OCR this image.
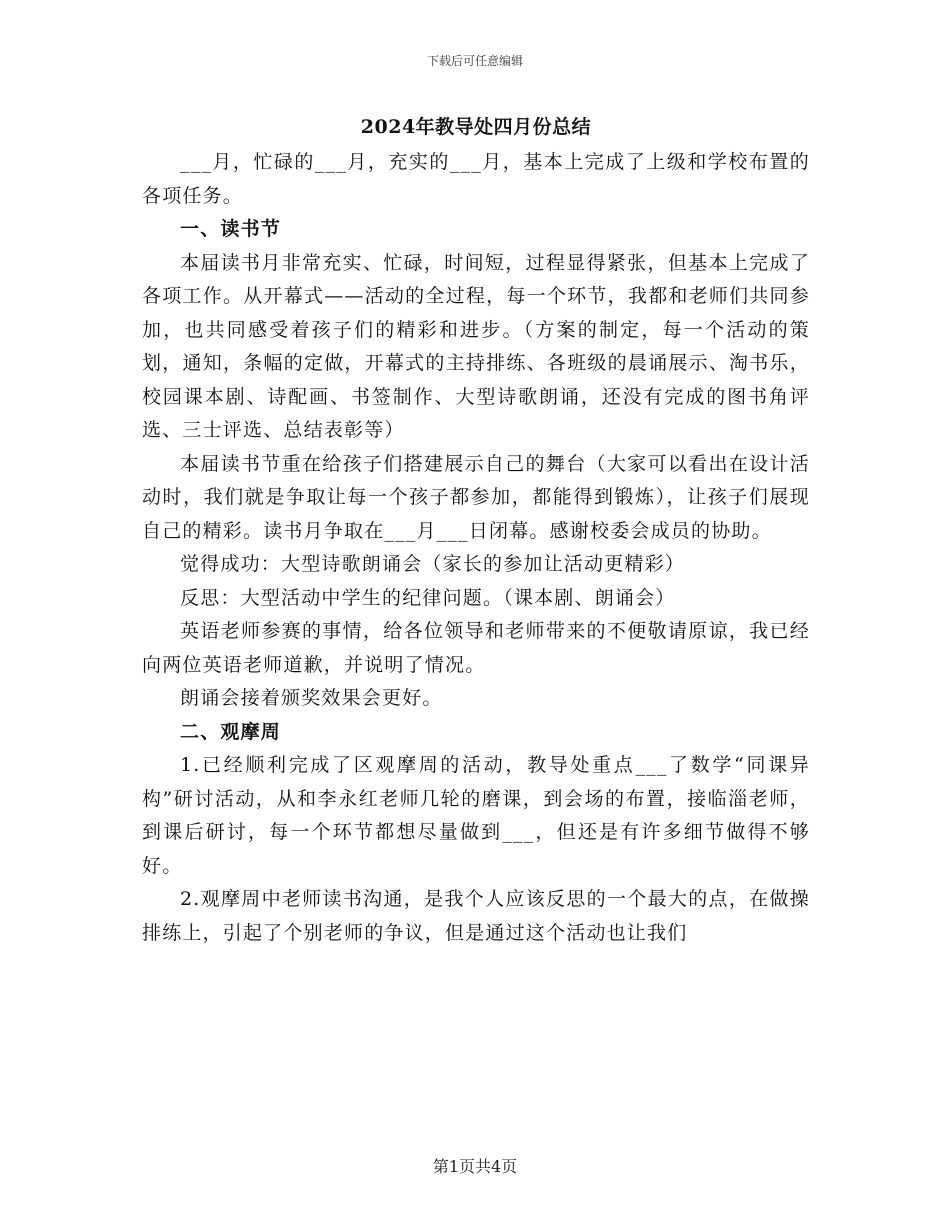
下载后可任意编辑
2024年教导处四月份总结

___月，忙碌的___月，充实的___月，基本上完成了上级和学校布置的各项任务。

一、读书节

本届读书月非常充实、忙碌，时间短，过程显得紧张，但基本上完成了各项工作。从开幕式——活动的全过程，每一个环节，我都和老师们共同参加，也共同感受着孩子们的精彩和进步。（方案的制定，每一个活动的策划，通知，条幅的定做，开幕式的主持排练、各班级的晨诵展示、淘书乐，校园课本剧、诗配画、书签制作、大型诗歌朗诵，还没有完成的图书角评选、三士评选、总结表彰等）

本届读书节重在给孩子们搭建展示自己的舞台（大家可以看出在设计活动时，我们就是争取让每一个孩子都参加，都能得到锻炼），让孩子们展现自己的精彩。读书月争取在___月___日闭幕。感谢校委会成员的协助。

觉得成功：大型诗歌朗诵会（家长的参加让活动更精彩）

反思：大型活动中学生的纪律问题。（课本剧、朗诵会）

英语老师参赛的事情，给各位领导和老师带来的不便敬请原谅，我已经向两位英语老师道歉，并说明了情况。

朗诵会接着颁奖效果会更好。

二、观摩周

1.已经顺利完成了区观摩周的活动，教导处重点___了数学“同课异构”研讨活动，从和李永红老师几轮的磨课，到会场的布置，接临淄老师，到课后研讨，每一个环节都想尽量做到___，但还是有许多细节做得不够好。

2.观摩周中老师读书沟通，是我个人应该反思的一个最大的点，在做操排练上，引起了个别老师的争议，但是通过这个活动也让我们

第1页共4页
